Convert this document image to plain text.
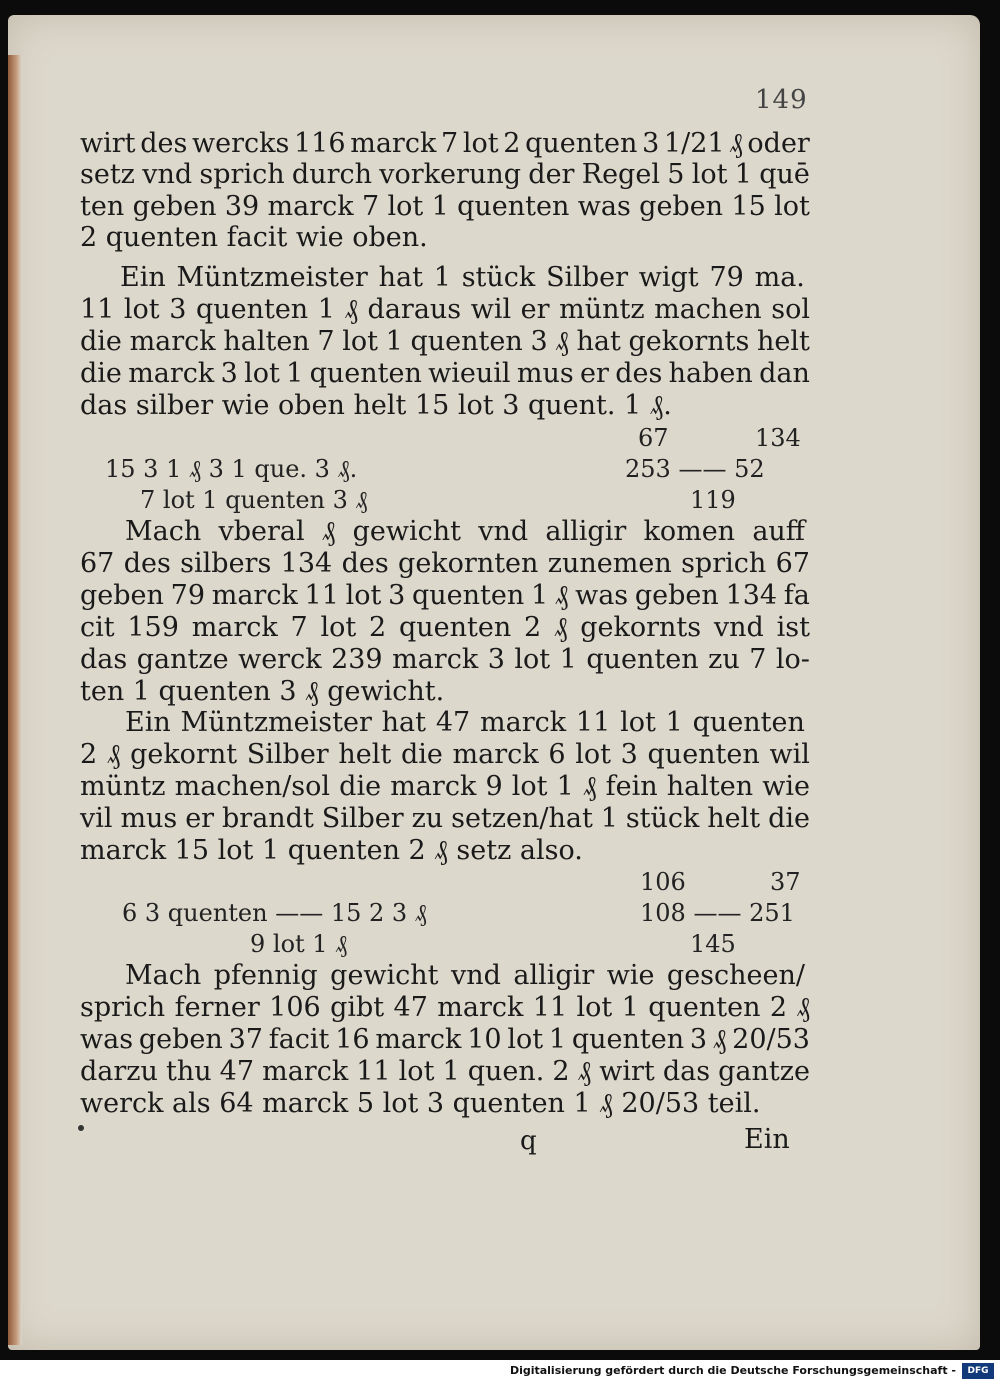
149
wirt des wercks 116 marck 7 lot 2 quenten 3 1/21 ₰ oder
setz vnd sprich durch vorkerung der Regel 5 lot 1 quē
ten geben 39 marck 7 lot 1 quenten was geben 15 lot
2 quenten facit wie oben.
Ein Müntzmeister hat 1 stück Silber wigt 79 ma.
11 lot 3 quenten 1 ₰ daraus wil er müntz machen sol
die marck halten 7 lot 1 quenten 3 ₰ hat gekornts helt
die marck 3 lot 1 quenten wieuil mus er des haben dan
das silber wie oben helt 15 lot 3 quent. 1 ₰.
67	134
15 3 1 ₰ 3 1 que. 3 ₰.	253 —— 52
7 lot 1 quenten 3 ₰	119
Mach vberal ₰ gewicht vnd alligir komen auff
67 des silbers 134 des gekornten zunemen sprich 67
geben 79 marck 11 lot 3 quenten 1 ₰ was geben 134 fa
cit 159 marck 7 lot 2 quenten 2 ₰ gekornts vnd ist
das gantze werck 239 marck 3 lot 1 quenten zu 7 lo-
ten 1 quenten 3 ₰ gewicht.
Ein Müntzmeister hat 47 marck 11 lot 1 quenten
2 ₰ gekornt Silber helt die marck 6 lot 3 quenten wil
müntz machen/sol die marck 9 lot 1 ₰ fein halten wie
vil mus er brandt Silber zu setzen/hat 1 stück helt die
marck 15 lot 1 quenten 2 ₰ setz also.
106	37
6 3 quenten —— 15 2 3 ₰	108 —— 251
9 lot 1 ₰	145
Mach pfennig gewicht vnd alligir wie gescheen/
sprich ferner 106 gibt 47 marck 11 lot 1 quenten 2 ₰
was geben 37 facit 16 marck 10 lot 1 quenten 3 ₰ 20/53
darzu thu 47 marck 11 lot 1 quen. 2 ₰ wirt das gantze
werck als 64 marck 5 lot 3 quenten 1 ₰ 20/53 teil.
q	Ein
Digitalisierung gefördert durch die Deutsche Forschungsgemeinschaft -	DFG
